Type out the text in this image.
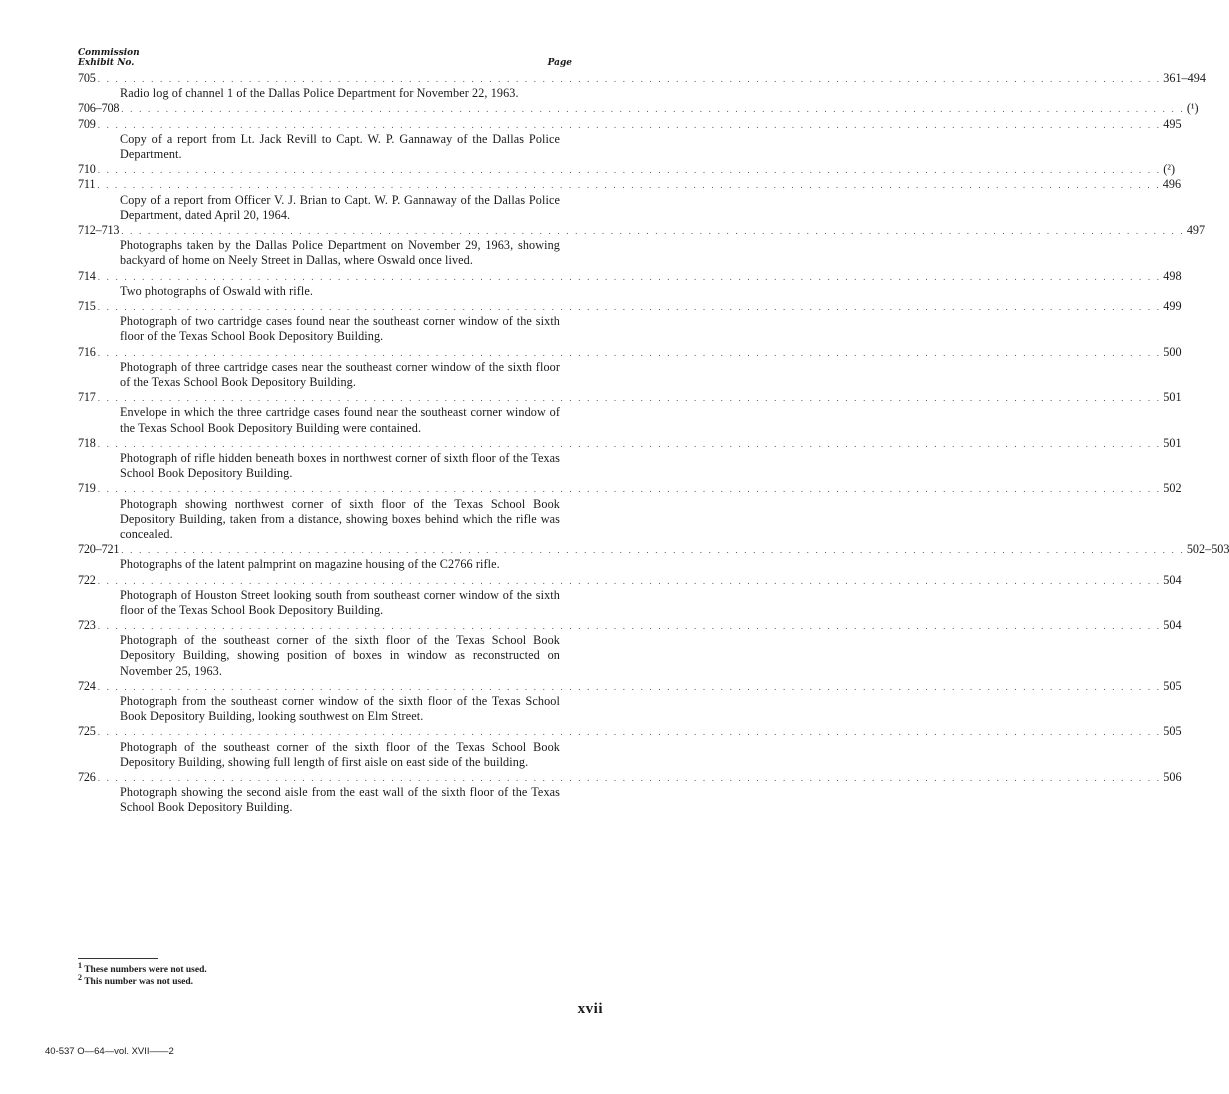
Commission
Exhibit No.	Page
705 . . . . . . . . . . . . . . . . . . . . . . . . . . . . . . . . . . . . . . . . . . . . . . . . . . . . . . . . . . . . . . . . . . . . . . . . . . . . . . . . . . . . . . . . . . . . . . . . . . . . . . . . . . . . . . . . . . . . . . . . 361–494
Radio log of channel 1 of the Dallas Police Department for November 22, 1963.
706–708 . . . . . . . . . . . . . . . . . . . . . . . . . . . . . . . . . . . . . . . . . . . . . . . . . . . . . . . . . . . . . . . . . . . . . . . . . . . . . . . . . . . . . . . . . . . . . . . . . . . . . . . . . . . . . . . . . . . . . . . . (¹)
709 . . . . . . . . . . . . . . . . . . . . . . . . . . . . . . . . . . . . . . . . . . . . . . . . . . . . . . . . . . . . . . . . . . . . . . . . . . . . . . . . . . . . . . . . . . . . . . . . . . . . . . . . . . . . . . . . . . . . . . . . 495
Copy of a report from Lt. Jack Revill to Capt. W. P. Gannaway of the Dallas Police Department.
710 . . . . . . . . . . . . . . . . . . . . . . . . . . . . . . . . . . . . . . . . . . . . . . . . . . . . . . . . . . . . . . . . . . . . . . . . . . . . . . . . . . . . . . . . . . . . . . . . . . . . . . . . . . . . . . . . . . . . . . . . (²)
711 . . . . . . . . . . . . . . . . . . . . . . . . . . . . . . . . . . . . . . . . . . . . . . . . . . . . . . . . . . . . . . . . . . . . . . . . . . . . . . . . . . . . . . . . . . . . . . . . . . . . . . . . . . . . . . . . . . . . . . . . 496
Copy of a report from Officer V. J. Brian to Capt. W. P. Gannaway of the Dallas Police Department, dated April 20, 1964.
712–713 . . . . . . . . . . . . . . . . . . . . . . . . . . . . . . . . . . . . . . . . . . . . . . . . . . . . . . . . . . . . . . . . . . . . . . . . . . . . . . . . . . . . . . . . . . . . . . . . . . . . . . . . . . . . . . . . . . . . . . . . 497
Photographs taken by the Dallas Police Department on November 29, 1963, showing backyard of home on Neely Street in Dallas, where Oswald once lived.
714 . . . . . . . . . . . . . . . . . . . . . . . . . . . . . . . . . . . . . . . . . . . . . . . . . . . . . . . . . . . . . . . . . . . . . . . . . . . . . . . . . . . . . . . . . . . . . . . . . . . . . . . . . . . . . . . . . . . . . . . . 498
Two photographs of Oswald with rifle.
715 . . . . . . . . . . . . . . . . . . . . . . . . . . . . . . . . . . . . . . . . . . . . . . . . . . . . . . . . . . . . . . . . . . . . . . . . . . . . . . . . . . . . . . . . . . . . . . . . . . . . . . . . . . . . . . . . . . . . . . . . 499
Photograph of two cartridge cases found near the southeast corner window of the sixth floor of the Texas School Book Depository Building.
716 . . . . . . . . . . . . . . . . . . . . . . . . . . . . . . . . . . . . . . . . . . . . . . . . . . . . . . . . . . . . . . . . . . . . . . . . . . . . . . . . . . . . . . . . . . . . . . . . . . . . . . . . . . . . . . . . . . . . . . . . 500
Photograph of three cartridge cases near the southeast corner window of the sixth floor of the Texas School Book Depository Building.
717 . . . . . . . . . . . . . . . . . . . . . . . . . . . . . . . . . . . . . . . . . . . . . . . . . . . . . . . . . . . . . . . . . . . . . . . . . . . . . . . . . . . . . . . . . . . . . . . . . . . . . . . . . . . . . . . . . . . . . . . . 501
Envelope in which the three cartridge cases found near the southeast corner window of the Texas School Book Depository Building were contained.
718 . . . . . . . . . . . . . . . . . . . . . . . . . . . . . . . . . . . . . . . . . . . . . . . . . . . . . . . . . . . . . . . . . . . . . . . . . . . . . . . . . . . . . . . . . . . . . . . . . . . . . . . . . . . . . . . . . . . . . . . . 501
Photograph of rifle hidden beneath boxes in northwest corner of sixth floor of the Texas School Book Depository Building.
719 . . . . . . . . . . . . . . . . . . . . . . . . . . . . . . . . . . . . . . . . . . . . . . . . . . . . . . . . . . . . . . . . . . . . . . . . . . . . . . . . . . . . . . . . . . . . . . . . . . . . . . . . . . . . . . . . . . . . . . . . 502
Photograph showing northwest corner of sixth floor of the Texas School Book Depository Building, taken from a distance, showing boxes behind which the rifle was concealed.
720–721 . . . . . . . . . . . . . . . . . . . . . . . . . . . . . . . . . . . . . . . . . . . . . . . . . . . . . . . . . . . . . . . . . . . . . . . . . . . . . . . . . . . . . . . . . . . . . . . . . . . . . . . . . . . . . . . . . . . . . . . . 502–503
Photographs of the latent palmprint on magazine housing of the C2766 rifle.
722 . . . . . . . . . . . . . . . . . . . . . . . . . . . . . . . . . . . . . . . . . . . . . . . . . . . . . . . . . . . . . . . . . . . . . . . . . . . . . . . . . . . . . . . . . . . . . . . . . . . . . . . . . . . . . . . . . . . . . . . . 504
Photograph of Houston Street looking south from southeast corner window of the sixth floor of the Texas School Book Depository Building.
723 . . . . . . . . . . . . . . . . . . . . . . . . . . . . . . . . . . . . . . . . . . . . . . . . . . . . . . . . . . . . . . . . . . . . . . . . . . . . . . . . . . . . . . . . . . . . . . . . . . . . . . . . . . . . . . . . . . . . . . . . 504
Photograph of the southeast corner of the sixth floor of the Texas School Book Depository Building, showing position of boxes in window as reconstructed on November 25, 1963.
724 . . . . . . . . . . . . . . . . . . . . . . . . . . . . . . . . . . . . . . . . . . . . . . . . . . . . . . . . . . . . . . . . . . . . . . . . . . . . . . . . . . . . . . . . . . . . . . . . . . . . . . . . . . . . . . . . . . . . . . . . 505
Photograph from the southeast corner window of the sixth floor of the Texas School Book Depository Building, looking southwest on Elm Street.
725 . . . . . . . . . . . . . . . . . . . . . . . . . . . . . . . . . . . . . . . . . . . . . . . . . . . . . . . . . . . . . . . . . . . . . . . . . . . . . . . . . . . . . . . . . . . . . . . . . . . . . . . . . . . . . . . . . . . . . . . . 505
Photograph of the southeast corner of the sixth floor of the Texas School Book Depository Building, showing full length of first aisle on east side of the building.
726 . . . . . . . . . . . . . . . . . . . . . . . . . . . . . . . . . . . . . . . . . . . . . . . . . . . . . . . . . . . . . . . . . . . . . . . . . . . . . . . . . . . . . . . . . . . . . . . . . . . . . . . . . . . . . . . . . . . . . . . . 506
Photograph showing the second aisle from the east wall of the sixth floor of the Texas School Book Depository Building.
$^1$ These numbers were not used.
$^2$ This number was not used.
xvii
40-537 O—64—vol. XVII——2
